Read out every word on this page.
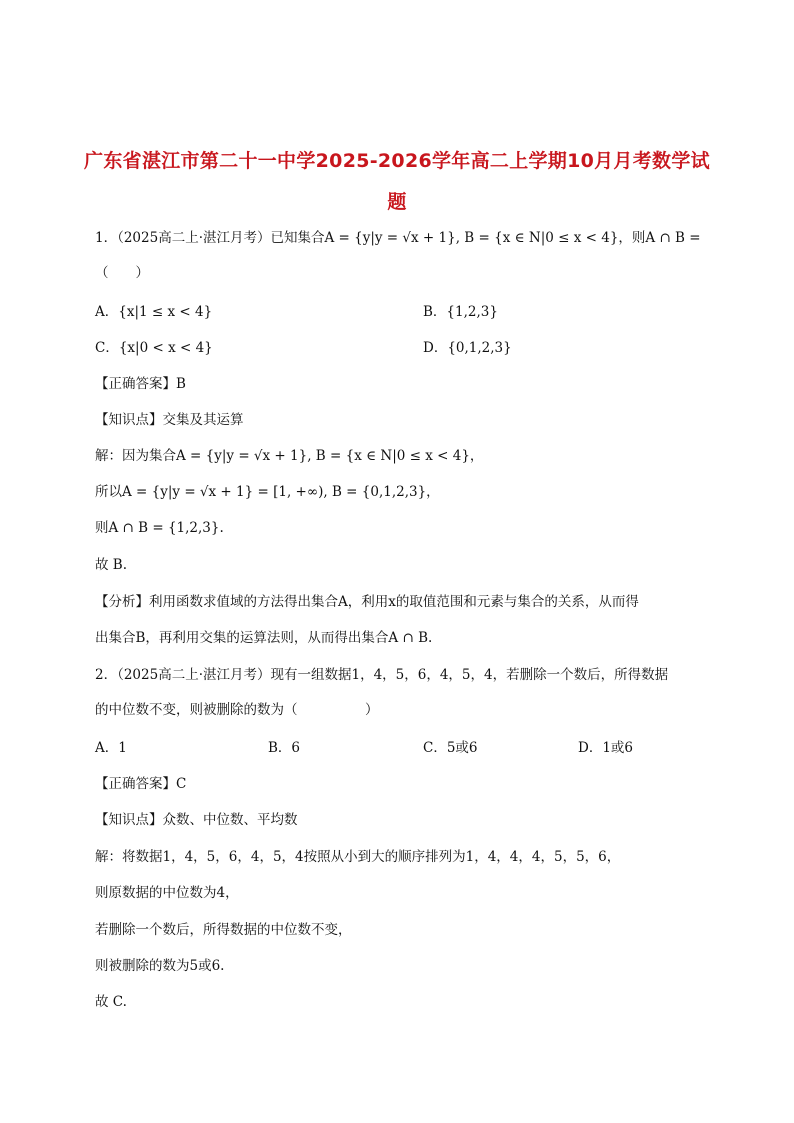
广东省湛江市第二十一中学2025-2026学年高二上学期10月月考数学试
题
1．（2025高二上·湛江月考）已知集合A = {y|y = √x + 1}, B = {x ∈ N|0 ≤ x < 4}，则A ∩ B =
（　　）
A．{x|1 ≤ x < 4}	B．{1,2,3}
C．{x|0 < x < 4}	D．{0,1,2,3}
【正确答案】B
【知识点】交集及其运算
解：因为集合A = {y|y = √x + 1}, B = {x ∈ N|0 ≤ x < 4}，
所以A = {y|y = √x + 1} = [1, +∞), B = {0,1,2,3}，
则A ∩ B = {1,2,3}.
故 B.
【分析】利用函数求值域的方法得出集合A，利用x的取值范围和元素与集合的关系，从而得
出集合B，再利用交集的运算法则，从而得出集合A ∩ B.
2．（2025高二上·湛江月考）现有一组数据1，4，5，6，4，5，4，若删除一个数后，所得数据
的中位数不变，则被删除的数为（　　　　　）
A．1	B．6	C．5或6	D．1或6
【正确答案】C
【知识点】众数、中位数、平均数
解：将数据1，4，5，6，4，5，4按照从小到大的顺序排列为1，4，4，4，5，5，6，
则原数据的中位数为4，
若删除一个数后，所得数据的中位数不变，
则被删除的数为5或6.
故 C.
